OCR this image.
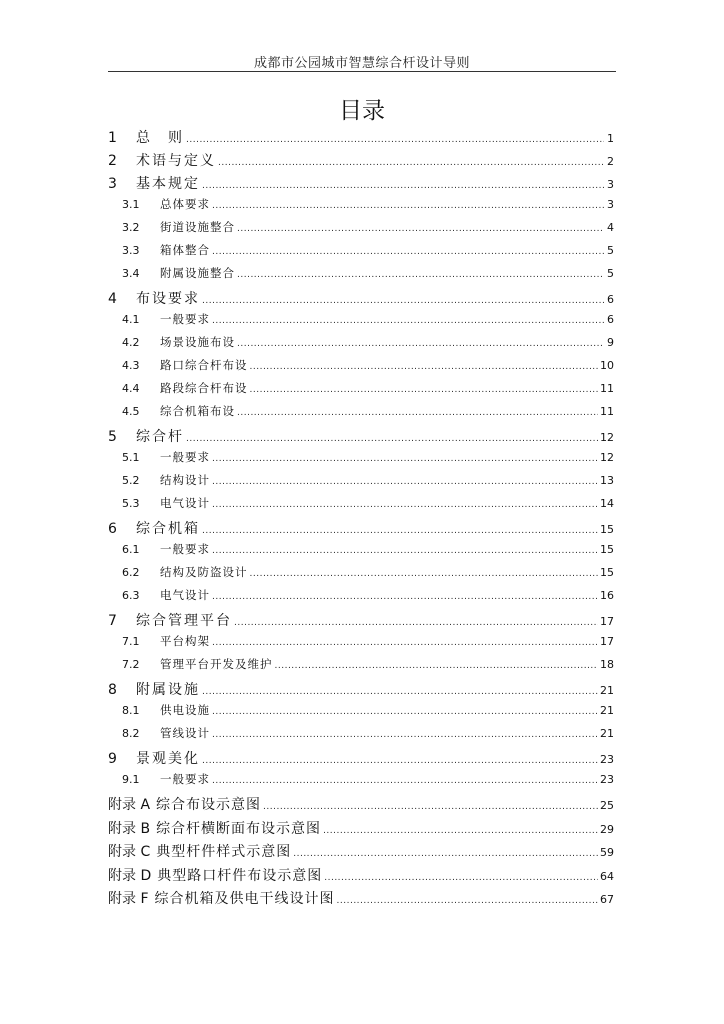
成都市公园城市智慧综合杆设计导则
目录
1	总　则 .....	1
2	术语与定义 .....	2
3	基本规定 .....	3
3.1	总体要求 .....	3
3.2	街道设施整合 .....	4
3.3	箱体整合 .....	5
3.4	附属设施整合 .....	5
4	布设要求 .....	6
4.1	一般要求 .....	6
4.2	场景设施布设 .....	9
4.3	路口综合杆布设 .....	10
4.4	路段综合杆布设 .....	11
4.5	综合机箱布设 .....	11
5	综合杆 .....	12
5.1	一般要求 .....	12
5.2	结构设计 .....	13
5.3	电气设计 .....	14
6	综合机箱 .....	15
6.1	一般要求 .....	15
6.2	结构及防盗设计 .....	15
6.3	电气设计 .....	16
7	综合管理平台 .....	17
7.1	平台构架 .....	17
7.2	管理平台开发及维护 .....	18
8	附属设施 .....	21
8.1	供电设施 .....	21
8.2	管线设计 .....	21
9	景观美化 .....	23
9.1	一般要求 .....	23
附录 A 综合布设示意图 .....	25
附录 B 综合杆横断面布设示意图 .....	29
附录 C 典型杆件样式示意图 .....	59
附录 D 典型路口杆件布设示意图 .....	64
附录 F 综合机箱及供电干线设计图 .....	67
